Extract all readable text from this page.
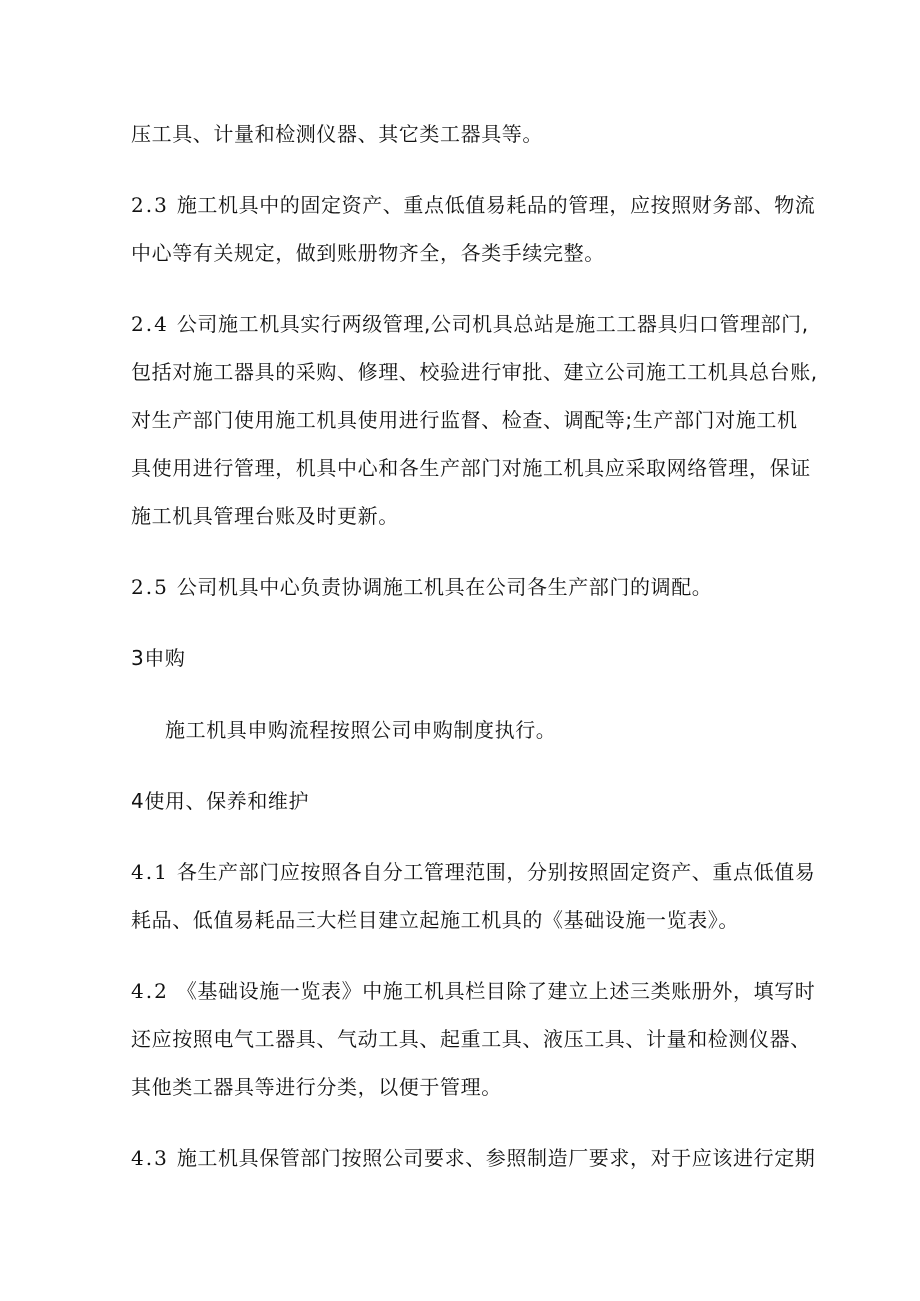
压工具、计量和检测仪器、其它类工器具等。

2.3 施工机具中的固定资产、重点低值易耗品的管理，应按照财务部、物流
中心等有关规定，做到账册物齐全，各类手续完整。

2.4 公司施工机具实行两级管理,公司机具总站是施工工器具归口管理部门,
包括对施工器具的采购、修理、校验进行审批、建立公司施工工机具总台账,
对生产部门使用施工机具使用进行监督、检查、调配等;生产部门对施工机
具使用进行管理，机具中心和各生产部门对施工机具应采取网络管理，保证
施工机具管理台账及时更新。

2.5 公司机具中心负责协调施工机具在公司各生产部门的调配。

3申购

施工机具申购流程按照公司申购制度执行。

4使用、保养和维护

4.1 各生产部门应按照各自分工管理范围，分别按照固定资产、重点低值易
耗品、低值易耗品三大栏目建立起施工机具的《基础设施一览表》。

4.2 《基础设施一览表》中施工机具栏目除了建立上述三类账册外，填写时
还应按照电气工器具、气动工具、起重工具、液压工具、计量和检测仪器、
其他类工器具等进行分类，以便于管理。

4.3 施工机具保管部门按照公司要求、参照制造厂要求，对于应该进行定期
